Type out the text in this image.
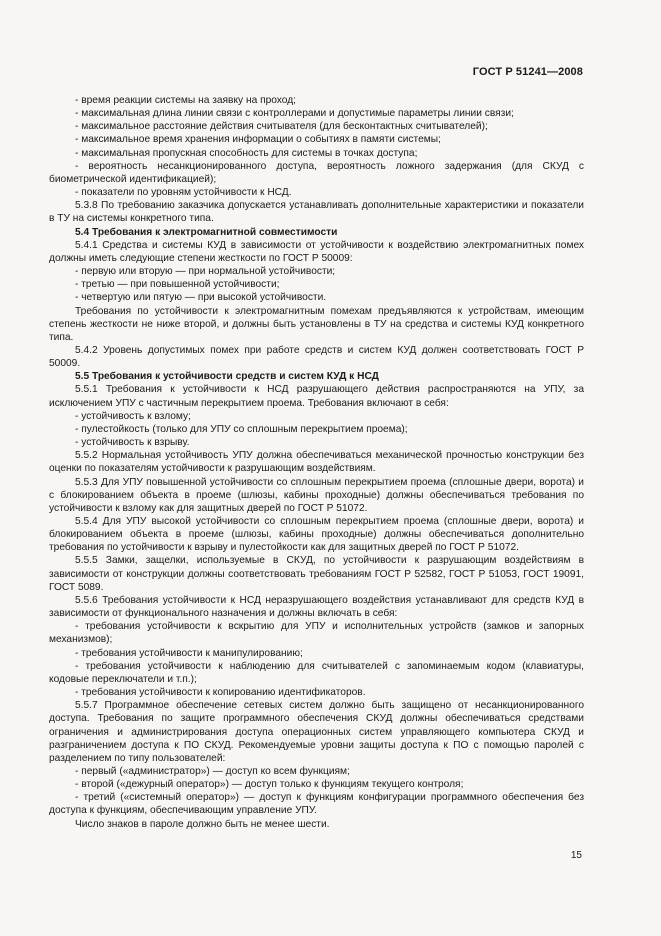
ГОСТ Р 51241—2008

- время реакции системы на заявку на проход;

- максимальная длина линии связи с контроллерами и допустимые параметры линии связи;

- максимальное расстояние действия считывателя (для бесконтактных считывателей);

- максимальное время хранения информации о событиях в памяти системы;

- максимальная пропускная способность для системы в точках доступа;

- вероятность несанкционированного доступа, вероятность ложного задержания (для СКУД с биометрической идентификацией);

- показатели по уровням устойчивости к НСД.

5.3.8 По требованию заказчика допускается устанавливать дополнительные характеристики и показатели в ТУ на системы конкретного типа.

5.4 Требования к электромагнитной совместимости

5.4.1 Средства и системы КУД в зависимости от устойчивости к воздействию электромагнитных помех должны иметь следующие степени жесткости по ГОСТ Р 50009:

- первую или вторую — при нормальной устойчивости;

- третью — при повышенной устойчивости;

- четвертую или пятую — при высокой устойчивости.

Требования по устойчивости к электромагнитным помехам предъявляются к устройствам, имеющим степень жесткости не ниже второй, и должны быть установлены в ТУ на средства и системы КУД конкретного типа.

5.4.2 Уровень допустимых помех при работе средств и систем КУД должен соответствовать ГОСТ Р 50009.

5.5 Требования к устойчивости средств и систем КУД к НСД

5.5.1 Требования к устойчивости к НСД разрушающего действия распространяются на УПУ, за исключением УПУ с частичным перекрытием проема. Требования включают в себя:

- устойчивость к взлому;

- пулестойкость (только для УПУ со сплошным перекрытием проема);

- устойчивость к взрыву.

5.5.2 Нормальная устойчивость УПУ должна обеспечиваться механической прочностью конструкции без оценки по показателям устойчивости к разрушающим воздействиям.

5.5.3 Для УПУ повышенной устойчивости со сплошным перекрытием проема (сплошные двери, ворота) и с блокированием объекта в проеме (шлюзы, кабины проходные) должны обеспечиваться требования по устойчивости к взлому как для защитных дверей по ГОСТ Р 51072.

5.5.4 Для УПУ высокой устойчивости со сплошным перекрытием проема (сплошные двери, ворота) и блокированием объекта в проеме (шлюзы, кабины проходные) должны обеспечиваться дополнительно требования по устойчивости к взрыву и пулестойкости как для защитных дверей по ГОСТ Р 51072.

5.5.5 Замки, защелки, используемые в СКУД, по устойчивости к разрушающим воздействиям в зависимости от конструкции должны соответствовать требованиям ГОСТ Р 52582, ГОСТ Р 51053, ГОСТ 19091, ГОСТ 5089.

5.5.6 Требования устойчивости к НСД неразрушающего воздействия устанавливают для средств КУД в зависимости от функционального назначения и должны включать в себя:

- требования устойчивости к вскрытию для УПУ и исполнительных устройств (замков и запорных механизмов);

- требования устойчивости к манипулированию;

- требования устойчивости к наблюдению для считывателей с запоминаемым кодом (клавиатуры, кодовые переключатели и т.п.);

- требования устойчивости к копированию идентификаторов.

5.5.7 Программное обеспечение сетевых систем должно быть защищено от несанкционированного доступа. Требования по защите программного обеспечения СКУД должны обеспечиваться средствами ограничения и администрирования доступа операционных систем управляющего компьютера СКУД и разграничением доступа к ПО СКУД. Рекомендуемые уровни защиты доступа к ПО с помощью паролей с разделением по типу пользователей:

- первый («администратор») — доступ ко всем функциям;

- второй («дежурный оператор») — доступ только к функциям текущего контроля;

- третий («системный оператор») — доступ к функциям конфигурации программного обеспечения без доступа к функциям, обеспечивающим управление УПУ.

Число знаков в пароле должно быть не менее шести.

15
